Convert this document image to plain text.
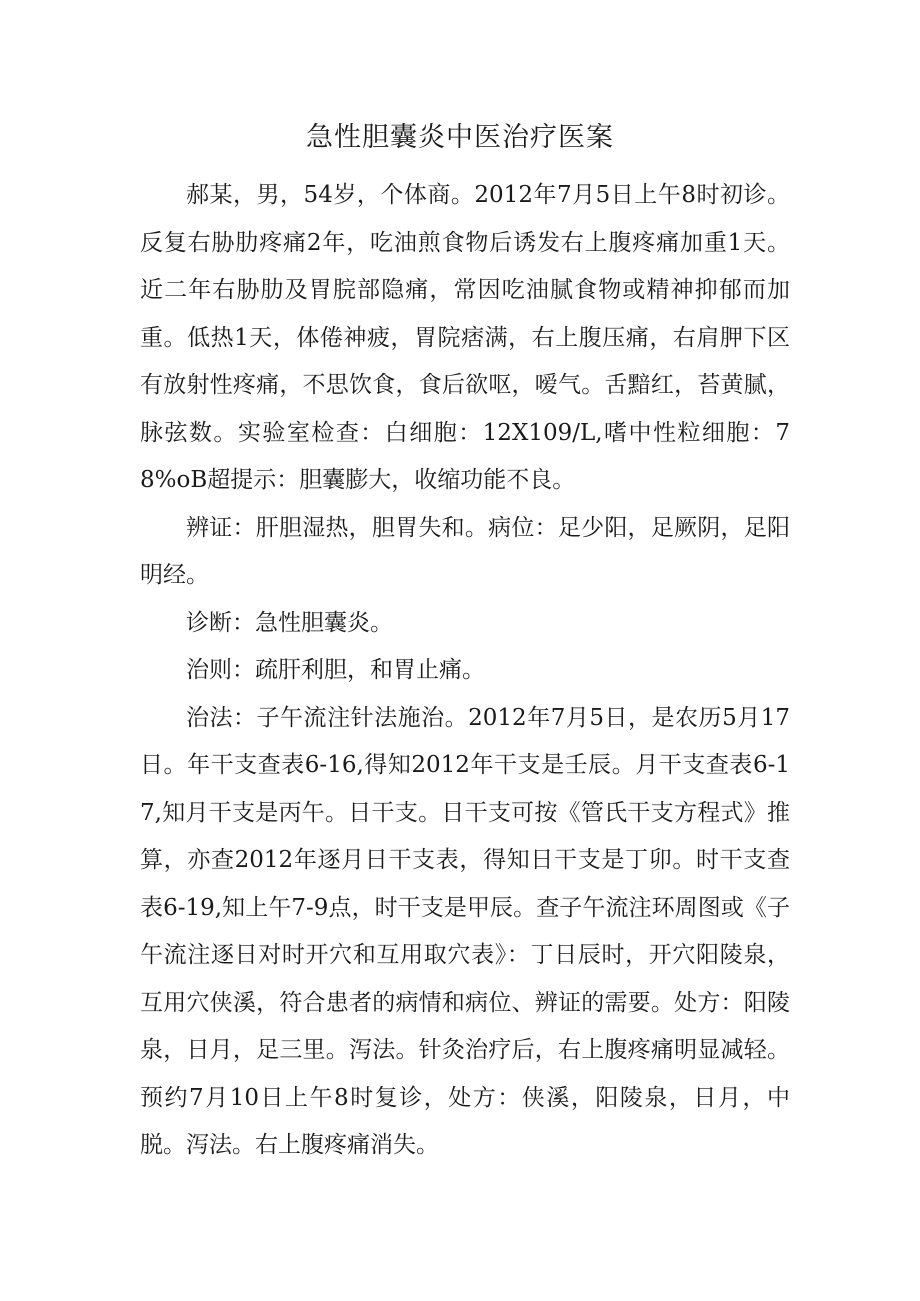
急性胆囊炎中医治疗医案

郝某，男，54岁，个体商。2012年7月5日上午8时初诊。反复右胁肋疼痛2年，吃油煎食物后诱发右上腹疼痛加重1天。近二年右胁肋及胃脘部隐痛，常因吃油腻食物或精神抑郁而加重。低热1天，体倦神疲，胃院痞满，右上腹压痛，右肩胛下区有放射性疼痛，不思饮食，食后欲呕，嗳气。舌黯红，苔黄腻，脉弦数。实验室检查：白细胞：12X109/L,嗜中性粒细胞：78%oB超提示：胆囊膨大，收缩功能不良。

辨证：肝胆湿热，胆胃失和。病位：足少阳，足厥阴，足阳明经。

诊断：急性胆囊炎。

治则：疏肝利胆，和胃止痛。

治法：子午流注针法施治。2012年7月5日，是农历5月17日。年干支查表6-16,得知2012年干支是壬辰。月干支查表6-17,知月干支是丙午。日干支。日干支可按《管氏干支方程式》推算，亦查2012年逐月日干支表，得知日干支是丁卯。时干支查表6-19,知上午7-9点，时干支是甲辰。查子午流注环周图或《子午流注逐日对时开穴和互用取穴表》：丁日辰时，开穴阳陵泉，互用穴侠溪，符合患者的病情和病位、辨证的需要。处方：阳陵泉，日月，足三里。泻法。针灸治疗后，右上腹疼痛明显减轻。预约7月10日上午8时复诊，处方：侠溪，阳陵泉，日月，中脱。泻法。右上腹疼痛消失。
